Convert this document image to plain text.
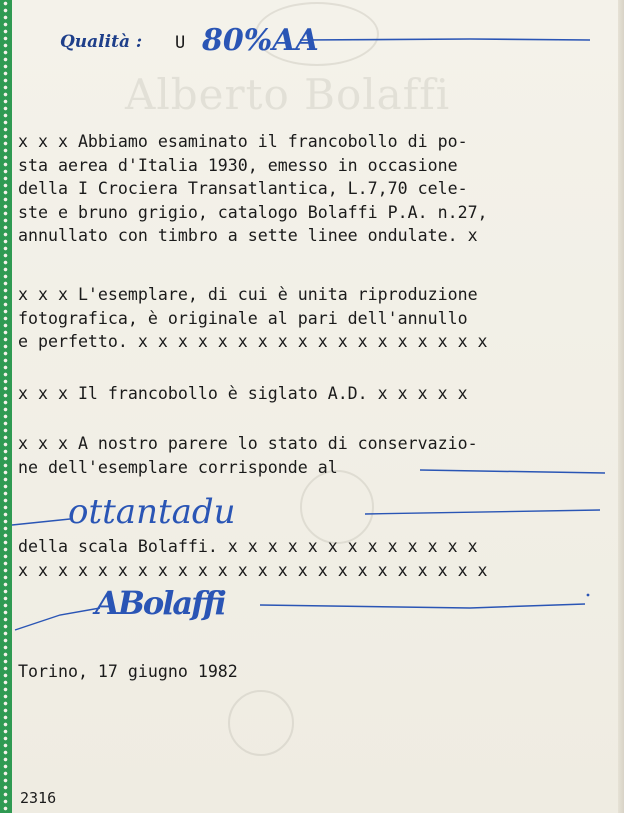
Alberto Bolaffi
Qualità : U 80%AA
x x x Abbiamo esaminato il francobollo di po-
sta aerea d'Italia 1930, emesso in occasione
della I Crociera Transatlantica, L.7,70 cele-
ste e bruno grigio, catalogo Bolaffi P.A. n.27,
annullato con timbro a sette linee ondulate. x
x x x L'esemplare, di cui è unita riproduzione
fotografica, è originale al pari dell'annullo
e perfetto. x x x x x x x x x x x x x x x x x x
x x x Il francobollo è siglato A.D. x x x x x
x x x A nostro parere lo stato di conservazio-
ne dell'esemplare corrisponde al
ottantadu
della scala Bolaffi. x x x x x x x x x x x x x
x x x x x x x x x x x x x x x x x x x x x x x x
ABolaffi
Torino, 17 giugno 1982
2316
